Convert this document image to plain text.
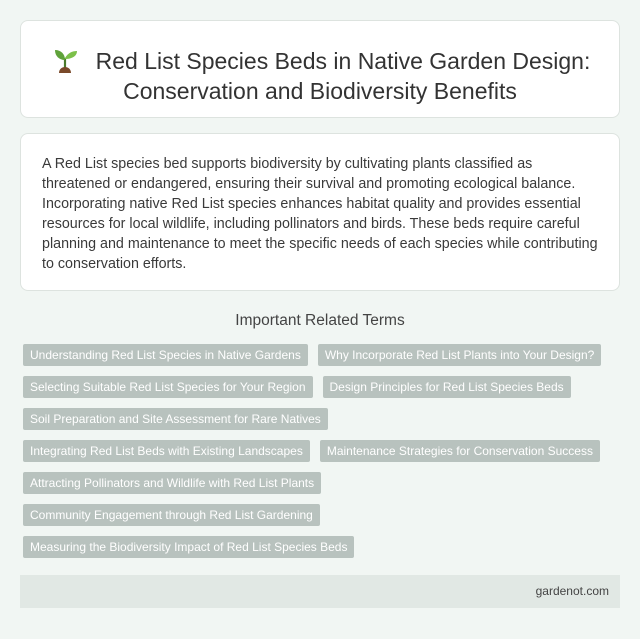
Red List Species Beds in Native Garden Design:
Conservation and Biodiversity Benefits

A Red List species bed supports biodiversity by cultivating plants classified as threatened or endangered, ensuring their survival and promoting ecological balance. Incorporating native Red List species enhances habitat quality and provides essential resources for local wildlife, including pollinators and birds. These beds require careful planning and maintenance to meet the specific needs of each species while contributing to conservation efforts.

Important Related Terms
Understanding Red List Species in Native Gardens	Why Incorporate Red List Plants into Your Design?
Selecting Suitable Red List Species for Your Region	Design Principles for Red List Species Beds
Soil Preparation and Site Assessment for Rare Natives
Integrating Red List Beds with Existing Landscapes	Maintenance Strategies for Conservation Success
Attracting Pollinators and Wildlife with Red List Plants
Community Engagement through Red List Gardening
Measuring the Biodiversity Impact of Red List Species Beds
gardenot.com
